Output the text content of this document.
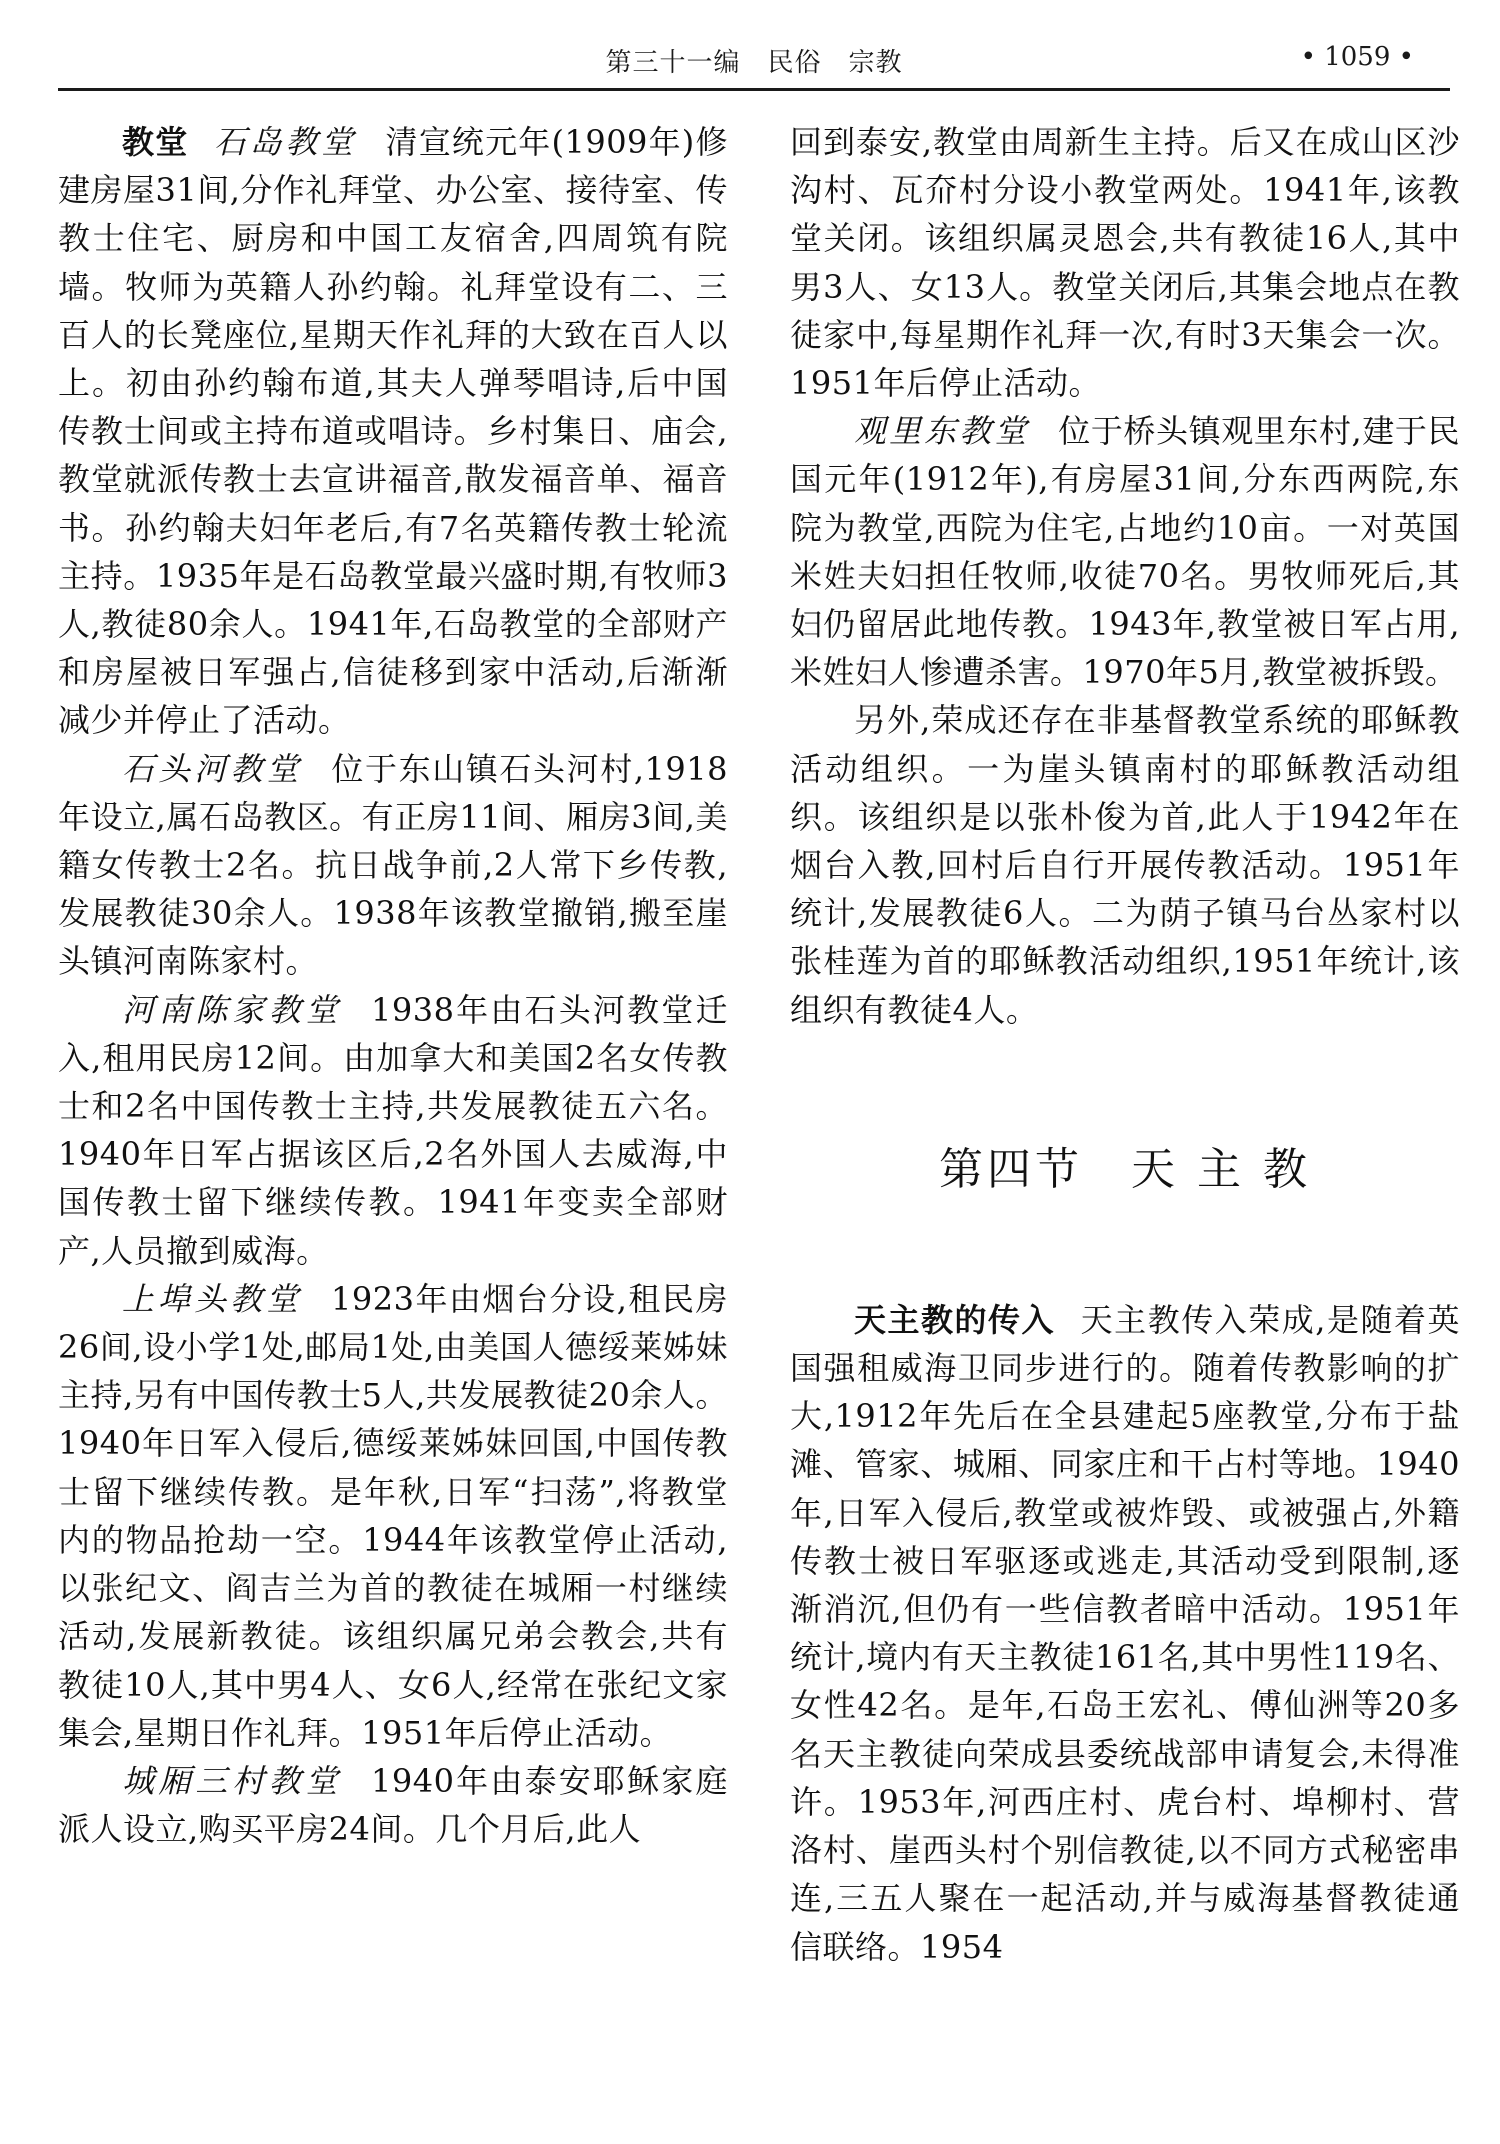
第三十一编　民俗　宗教	• 1059 •

教堂 石岛教堂 清宣统元年(1909年)修建房屋31间,分作礼拜堂、办公室、接待室、传教士住宅、厨房和中国工友宿舍,四周筑有院墙。牧师为英籍人孙约翰。礼拜堂设有二、三百人的长凳座位,星期天作礼拜的大致在百人以上。初由孙约翰布道,其夫人弹琴唱诗,后中国传教士间或主持布道或唱诗。乡村集日、庙会,教堂就派传教士去宣讲福音,散发福音单、福音书。孙约翰夫妇年老后,有7名英籍传教士轮流主持。1935年是石岛教堂最兴盛时期,有牧师3人,教徒80余人。1941年,石岛教堂的全部财产和房屋被日军强占,信徒移到家中活动,后渐渐减少并停止了活动。

石头河教堂 位于东山镇石头河村,1918年设立,属石岛教区。有正房11间、厢房3间,美籍女传教士2名。抗日战争前,2人常下乡传教,发展教徒30余人。1938年该教堂撤销,搬至崖头镇河南陈家村。

河南陈家教堂 1938年由石头河教堂迁入,租用民房12间。由加拿大和美国2名女传教士和2名中国传教士主持,共发展教徒五六名。1940年日军占据该区后,2名外国人去威海,中国传教士留下继续传教。1941年变卖全部财产,人员撤到威海。

上埠头教堂 1923年由烟台分设,租民房26间,设小学1处,邮局1处,由美国人德绥莱姊妹主持,另有中国传教士5人,共发展教徒20余人。1940年日军入侵后,德绥莱姊妹回国,中国传教士留下继续传教。是年秋,日军“扫荡”,将教堂内的物品抢劫一空。1944年该教堂停止活动,以张纪文、阎吉兰为首的教徒在城厢一村继续活动,发展新教徒。该组织属兄弟会教会,共有教徒10人,其中男4人、女6人,经常在张纪文家集会,星期日作礼拜。1951年后停止活动。

城厢三村教堂 1940年由泰安耶稣家庭派人设立,购买平房24间。几个月后,此人

回到泰安,教堂由周新生主持。后又在成山区沙沟村、瓦夼村分设小教堂两处。1941年,该教堂关闭。该组织属灵恩会,共有教徒16人,其中男3人、女13人。教堂关闭后,其集会地点在教徒家中,每星期作礼拜一次,有时3天集会一次。1951年后停止活动。

观里东教堂 位于桥头镇观里东村,建于民国元年(1912年),有房屋31间,分东西两院,东院为教堂,西院为住宅,占地约10亩。一对英国米姓夫妇担任牧师,收徒70名。男牧师死后,其妇仍留居此地传教。1943年,教堂被日军占用,米姓妇人惨遭杀害。1970年5月,教堂被拆毁。

另外,荣成还存在非基督教堂系统的耶稣教活动组织。一为崖头镇南村的耶稣教活动组织。该组织是以张朴俊为首,此人于1942年在烟台入教,回村后自行开展传教活动。1951年统计,发展教徒6人。二为荫子镇马台丛家村以张桂莲为首的耶稣教活动组织,1951年统计,该组织有教徒4人。

第四节 天 主 教

天主教的传入 天主教传入荣成,是随着英国强租威海卫同步进行的。随着传教影响的扩大,1912年先后在全县建起5座教堂,分布于盐滩、管家、城厢、同家庄和干占村等地。1940年,日军入侵后,教堂或被炸毁、或被强占,外籍传教士被日军驱逐或逃走,其活动受到限制,逐渐消沉,但仍有一些信教者暗中活动。1951年统计,境内有天主教徒161名,其中男性119名、女性42名。是年,石岛王宏礼、傅仙洲等20多名天主教徒向荣成县委统战部申请复会,未得准许。1953年,河西庄村、虎台村、埠柳村、营洛村、崖西头村个别信教徒,以不同方式秘密串连,三五人聚在一起活动,并与威海基督教徒通信联络。1954
